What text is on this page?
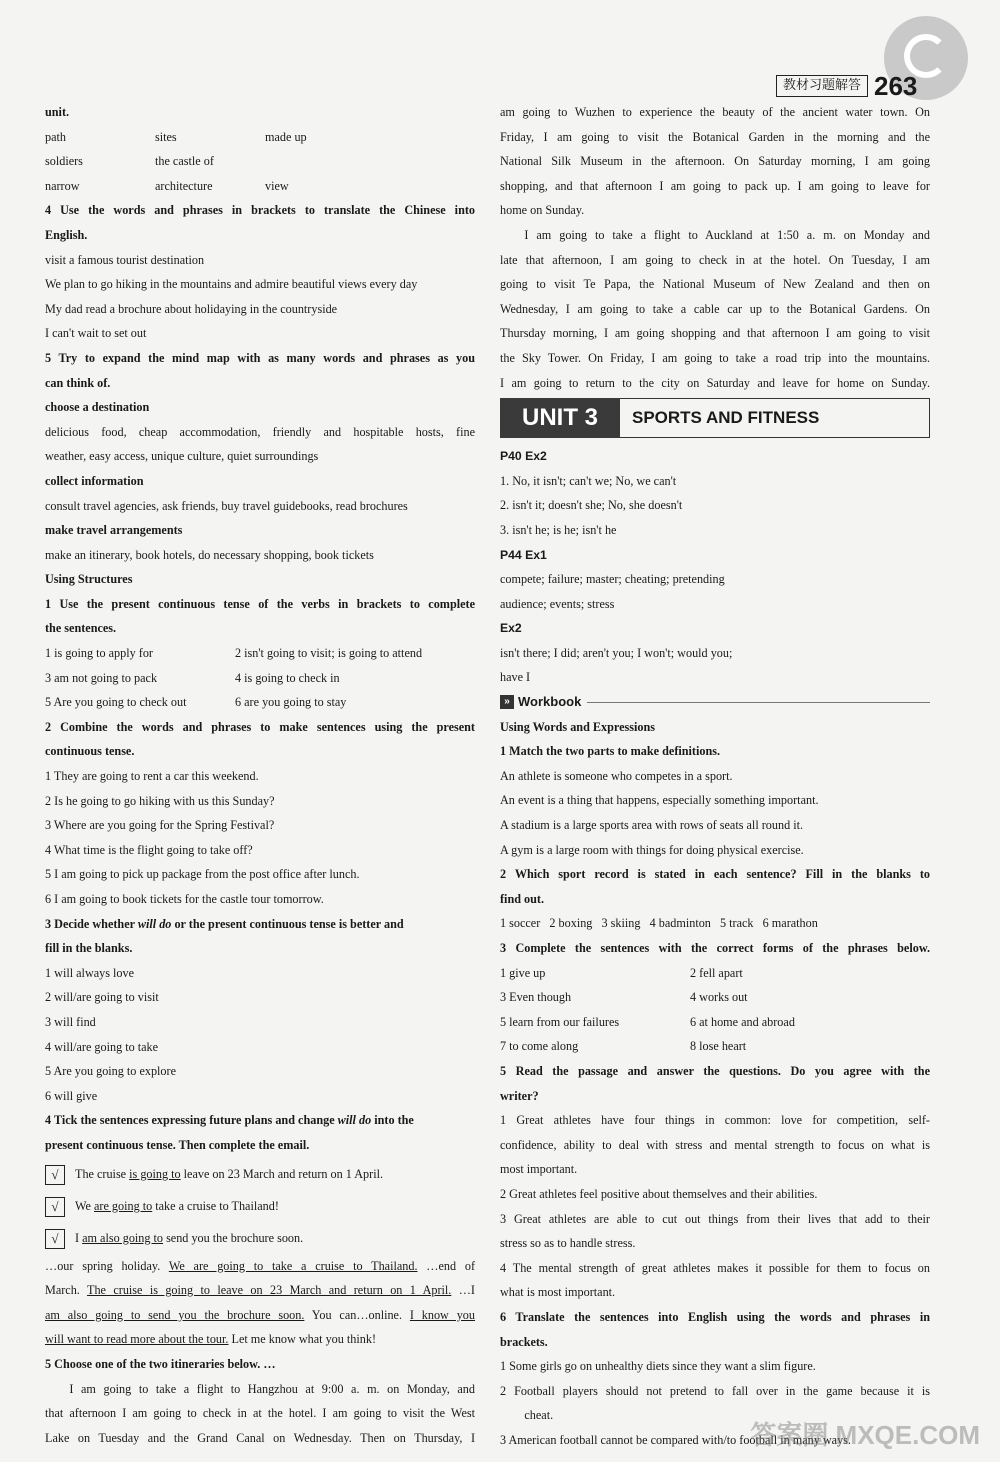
教材习题解答 263
unit.
path	sites	made up
soldiers	the castle of
narrow	architecture	view
4 Use the words and phrases in brackets to translate the Chinese into
English.
visit a famous tourist destination
We plan to go hiking in the mountains and admire beautiful views every day
My dad read a brochure about holidaying in the countryside
I can't wait to set out
5 Try to expand the mind map with as many words and phrases as you
can think of.
choose a destination
delicious food, cheap accommodation, friendly and hospitable hosts, fine
weather, easy access, unique culture, quiet surroundings
collect information
consult travel agencies, ask friends, buy travel guidebooks, read brochures
make travel arrangements
make an itinerary, book hotels, do necessary shopping, book tickets
Using Structures
1 Use the present continuous tense of the verbs in brackets to complete
the sentences.
1 is going to apply for	2 isn't going to visit; is going to attend
3 am not going to pack	4 is going to check in
5 Are you going to check out	6 are you going to stay
2 Combine the words and phrases to make sentences using the present
continuous tense.
1 They are going to rent a car this weekend.
2 Is he going to go hiking with us this Sunday?
3 Where are you going for the Spring Festival?
4 What time is the flight going to take off?
5 I am going to pick up package from the post office after lunch.
6 I am going to book tickets for the castle tour tomorrow.
3 Decide whether will do or the present continuous tense is better and
fill in the blanks.
1 will always love
2 will/are going to visit
3 will find
4 will/are going to take
5 Are you going to explore
6 will give
4 Tick the sentences expressing future plans and change will do into the
present continuous tense. Then complete the email.
√ The cruise is going to leave on 23 March and return on 1 April.
√ We are going to take a cruise to Thailand!
√ I am also going to send you the brochure soon.
…our spring holiday. We are going to take a cruise to Thailand. …end of
March. The cruise is going to leave on 23 March and return on 1 April. …I
am also going to send you the brochure soon. You can…online. I know you
will want to read more about the tour. Let me know what you think!
5 Choose one of the two itineraries below. …
I am going to take a flight to Hangzhou at 9:00 a. m. on Monday, and
that afternoon I am going to check in at the hotel. I am going to visit the West
Lake on Tuesday and the Grand Canal on Wednesday. Then on Thursday, I
am going to Wuzhen to experience the beauty of the ancient water town. On
Friday, I am going to visit the Botanical Garden in the morning and the
National Silk Museum in the afternoon. On Saturday morning, I am going
shopping, and that afternoon I am going to pack up. I am going to leave for
home on Sunday.
I am going to take a flight to Auckland at 1:50 a. m. on Monday and
late that afternoon, I am going to check in at the hotel. On Tuesday, I am
going to visit Te Papa, the National Museum of New Zealand and then on
Wednesday, I am going to take a cable car up to the Botanical Gardens. On
Thursday morning, I am going shopping and that afternoon I am going to visit
the Sky Tower. On Friday, I am going to take a road trip into the mountains.
I am going to return to the city on Saturday and leave for home on Sunday.
UNIT 3	SPORTS AND FITNESS
P40 Ex2
1. No, it isn't; can't we; No, we can't
2. isn't it; doesn't she; No, she doesn't
3. isn't he; is he; isn't he
P44 Ex1
compete; failure; master; cheating; pretending
audience; events; stress
Ex2
isn't there; I did; aren't you; I won't; would you;
have I
» Workbook
Using Words and Expressions
1 Match the two parts to make definitions.
An athlete is someone who competes in a sport.
An event is a thing that happens, especially something important.
A stadium is a large sports area with rows of seats all round it.
A gym is a large room with things for doing physical exercise.
2 Which sport record is stated in each sentence? Fill in the blanks to
find out.
1 soccer   2 boxing   3 skiing   4 badminton   5 track   6 marathon
3 Complete the sentences with the correct forms of the phrases below.
1 give up	2 fell apart
3 Even though	4 works out
5 learn from our failures	6 at home and abroad
7 to come along	8 lose heart
5 Read the passage and answer the questions. Do you agree with the
writer?
1 Great athletes have four things in common: love for competition, self-
confidence, ability to deal with stress and mental strength to focus on what is
most important.
2 Great athletes feel positive about themselves and their abilities.
3 Great athletes are able to cut out things from their lives that add to their
stress so as to handle stress.
4 The mental strength of great athletes makes it possible for them to focus on
what is most important.
6 Translate the sentences into English using the words and phrases in
brackets.
1 Some girls go on unhealthy diets since they want a slim figure.
2 Football players should not pretend to fall over in the game because it is
cheat.
3 American football cannot be compared with/to football in many ways.
答案圈 MXQE.COM
